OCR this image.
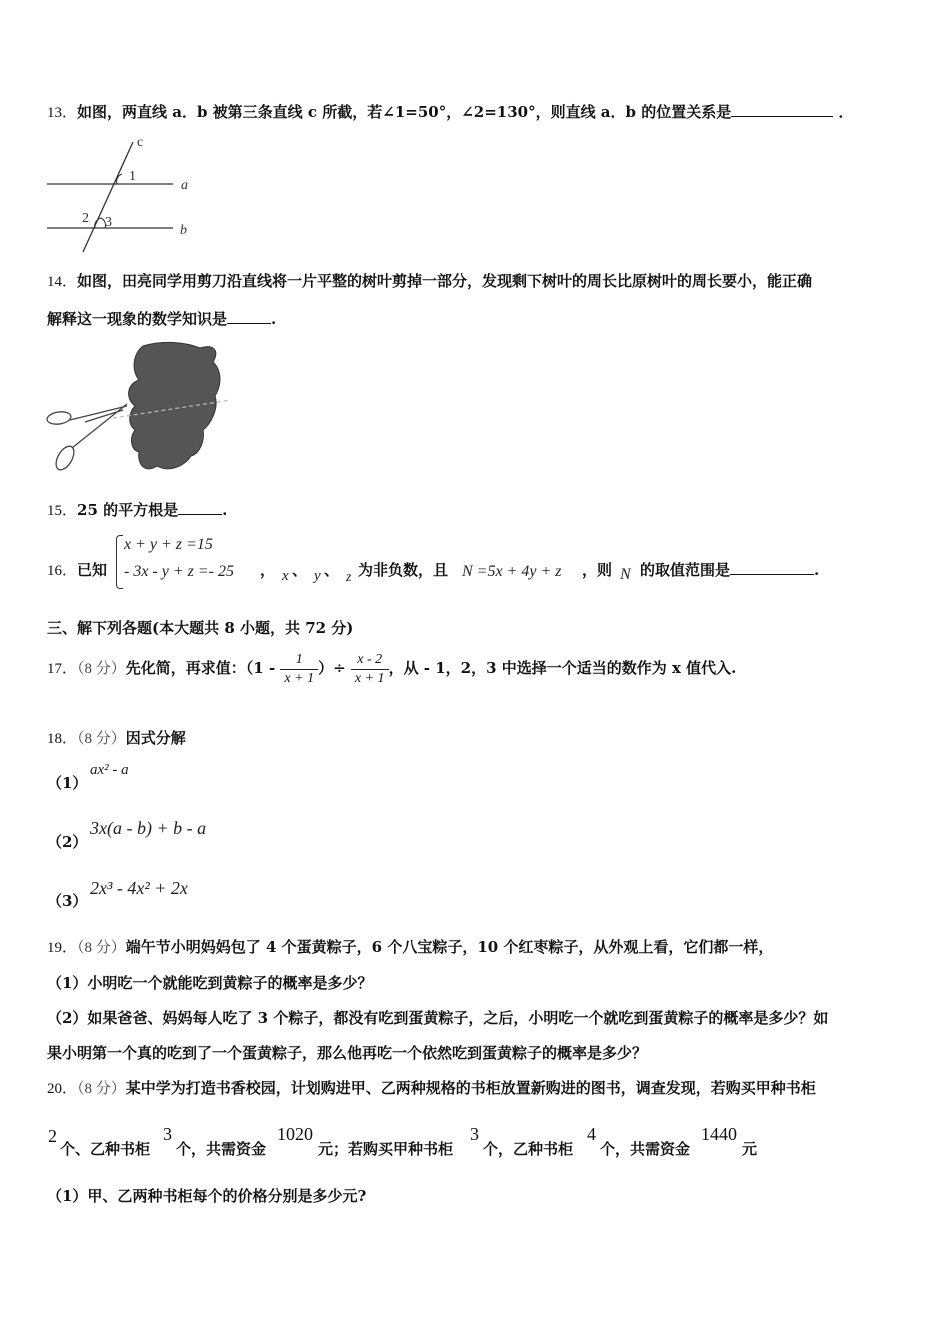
13．如图，两直线 a．b 被第三条直线 c 所截，若∠1=50°，∠2=130°，则直线 a．b 的位置关系是	．
c
1
a
2 3
b
14．如图，田亮同学用剪刀沿直线将一片平整的树叶剪掉一部分，发现剩下树叶的周长比原树叶的周长要小，能正确
解释这一现象的数学知识是	.
15．25 的平方根是	.
16．已知
x + y + z =15
- 3x - y + z =- 25 ， x 、 y 、 z 为非负数，且 N =5x + 4y + z ，则 N 的取值范围是	.
三、解下列各题(本大题共 8 小题，共 72 分)
17．（8 分）先化简，再求值：（$1 - \frac{1}{x + 1}$ ）÷ $\frac{x - 2}{x + 1}$ ，从 - 1，2，3 中选择一个适当的数作为 x 值代入.
18．（8 分）因式分解
（1）
ax² - a
（2）
3x(a - b) + b - a
（3）
2x³ - 4x² + 2x
19．（8 分）端午节小明妈妈包了 4 个蛋黄粽子，6 个八宝粽子，10 个红枣粽子，从外观上看，它们都一样，
（1）小明吃一个就能吃到黄粽子的概率是多少？
（2）如果爸爸、妈妈每人吃了 3 个粽子，都没有吃到蛋黄粽子，之后，小明吃一个就吃到蛋黄粽子的概率是多少？如
果小明第一个真的吃到了一个蛋黄粽子，那么他再吃一个依然吃到蛋黄粽子的概率是多少？
20．（8 分）某中学为打造书香校园，计划购进甲、乙两种规格的书柜放置新购进的图书，调查发现，若购买甲种书柜
2
个、乙种书柜
3
个，共需资金
1020
元；若购买甲种书柜
3
个，乙种书柜
4
个，共需资金
1440
元
（1）甲、乙两种书柜每个的价格分别是多少元?
